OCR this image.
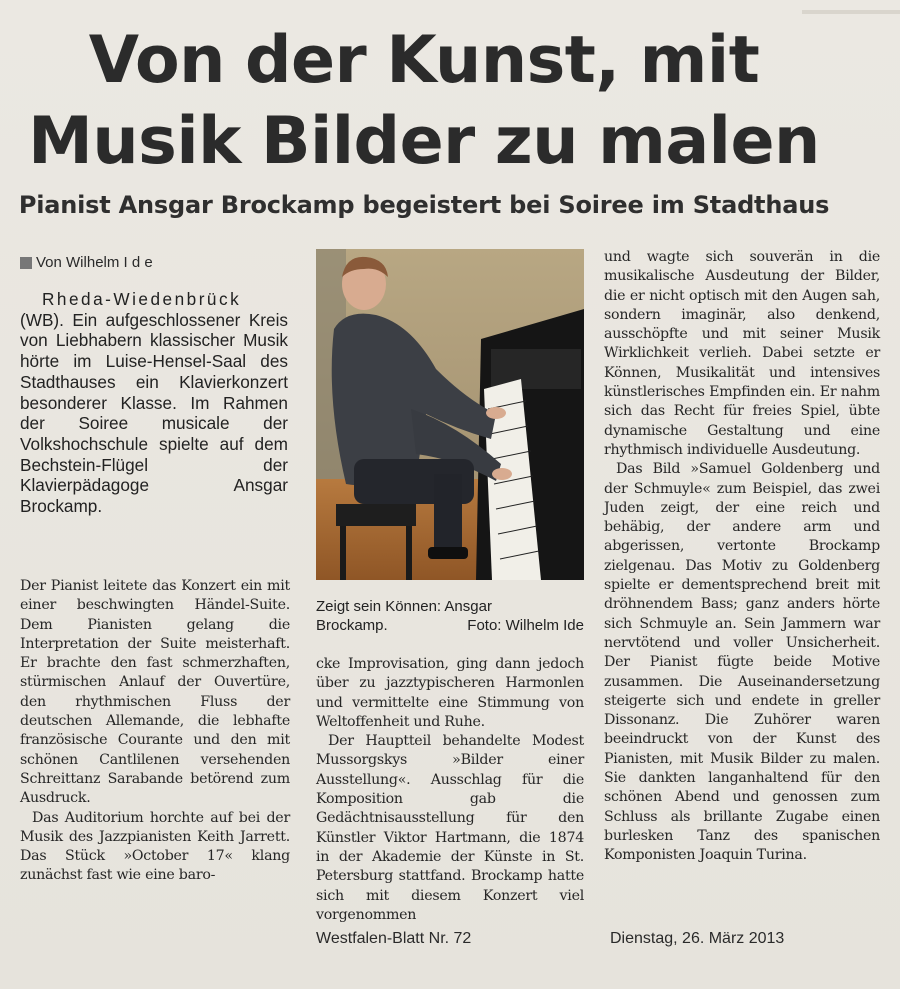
Von der Kunst, mit
Musik Bilder zu malen
Pianist Ansgar Brockamp begeistert bei Soiree im Stadthaus
Von Wilhelm I d e
Rheda-Wiedenbrück (WB). Ein aufgeschlossener Kreis von Liebhabern klassischer Musik hörte im Luise-Hensel-Saal des Stadthauses ein Klavierkonzert besonderer Klasse. Im Rahmen der Soiree musicale der Volkshochschule spielte auf dem Bechstein-Flügel der Klavierpädagoge Ansgar Brockamp.

Der Pianist leitete das Konzert ein mit einer beschwingten Händel-Suite. Dem Pianisten gelang die Interpretation der Suite meisterhaft. Er brachte den fast schmerzhaften, stürmischen Anlauf der Ouvertüre, den rhythmischen Fluss der deutschen Allemande, die lebhafte französische Courante und den mit schönen Cantlilenen versehenden Schreittanz Sarabande betörend zum Ausdruck.

Das Auditorium horchte auf bei der Musik des Jazzpianisten Keith Jarrett. Das Stück »October 17« klang zunächst fast wie eine baro-

Zeigt sein Können: Ansgar
Brockamp.	Foto: Wilhelm Ide

cke Improvisation, ging dann jedoch über zu jazztypischeren Harmonlen und vermittelte eine Stimmung von Weltoffenheit und Ruhe.

Der Hauptteil behandelte Modest Mussorgskys »Bilder einer Ausstellung«. Ausschlag für die Komposition gab die Gedächtnisausstellung für den Künstler Viktor Hartmann, die 1874 in der Akademie der Künste in St. Petersburg stattfand. Brockamp hatte sich mit diesem Konzert viel vorgenommen

und wagte sich souverän in die musikalische Ausdeutung der Bilder, die er nicht optisch mit den Augen sah, sondern imaginär, also denkend, ausschöpfte und mit seiner Musik Wirklichkeit verlieh. Dabei setzte er Können, Musikalität und intensives künstlerisches Empfinden ein. Er nahm sich das Recht für freies Spiel, übte dynamische Gestaltung und eine rhythmisch individuelle Ausdeutung.

Das Bild »Samuel Goldenberg und der Schmuyle« zum Beispiel, das zwei Juden zeigt, der eine reich und behäbig, der andere arm und abgerissen, vertonte Brockamp zielgenau. Das Motiv zu Goldenberg spielte er dementsprechend breit mit dröhnendem Bass; ganz anders hörte sich Schmuyle an. Sein Jammern war nervtötend und voller Unsicherheit. Der Pianist fügte beide Motive zusammen. Die Auseinandersetzung steigerte sich und endete in greller Dissonanz. Die Zuhörer waren beeindruckt von der Kunst des Pianisten, mit Musik Bilder zu malen. Sie dankten langanhaltend für den schönen Abend und genossen zum Schluss als brillante Zugabe einen burlesken Tanz des spanischen Komponisten Joaquin Turina.

Westfalen-Blatt Nr. 72	Dienstag, 26. März 2013
